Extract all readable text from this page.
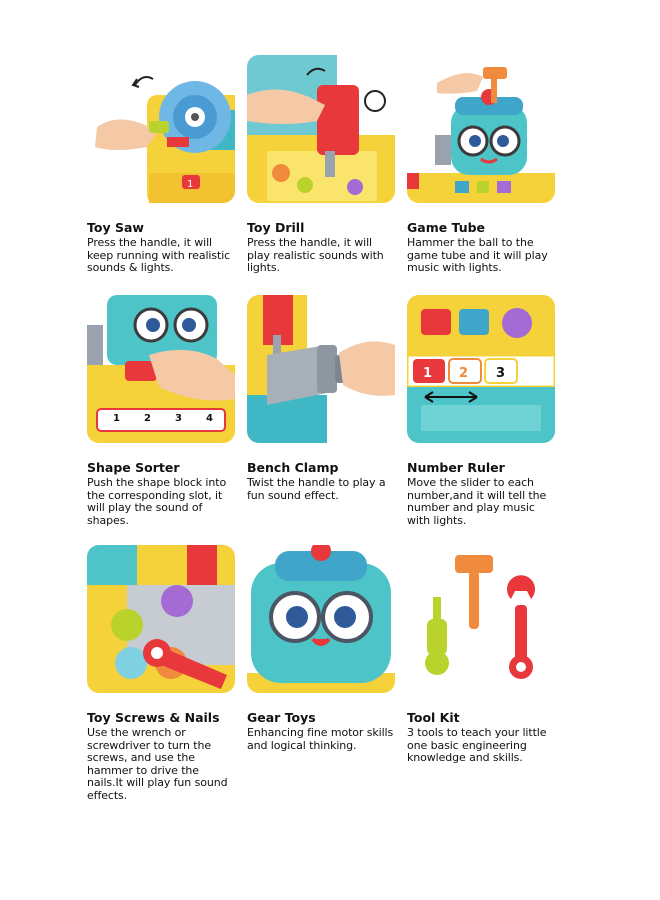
1
Toy Saw
Press the handle, it will keep running with realistic sounds & lights.
Toy Drill
Press the handle, it will play realistic sounds with lights.
Game Tube
Hammer the ball to the game tube and it will play music with lights.
1 2 3 4
Shape Sorter
Push the shape block into the corresponding slot, it will play the sound of shapes.
Bench Clamp
Twist the handle to play a fun sound effect.
1 2 3
Number Ruler
Move the slider to each number,and it will tell the number and play music with lights.
Toy Screws & Nails
Use the wrench or screwdriver to turn the screws, and use the hammer to drive the nails.It will play fun sound effects.
Gear Toys
Enhancing fine motor skills and logical thinking.
Tool Kit
3 tools to teach your little one basic engineering knowledge and skills.
